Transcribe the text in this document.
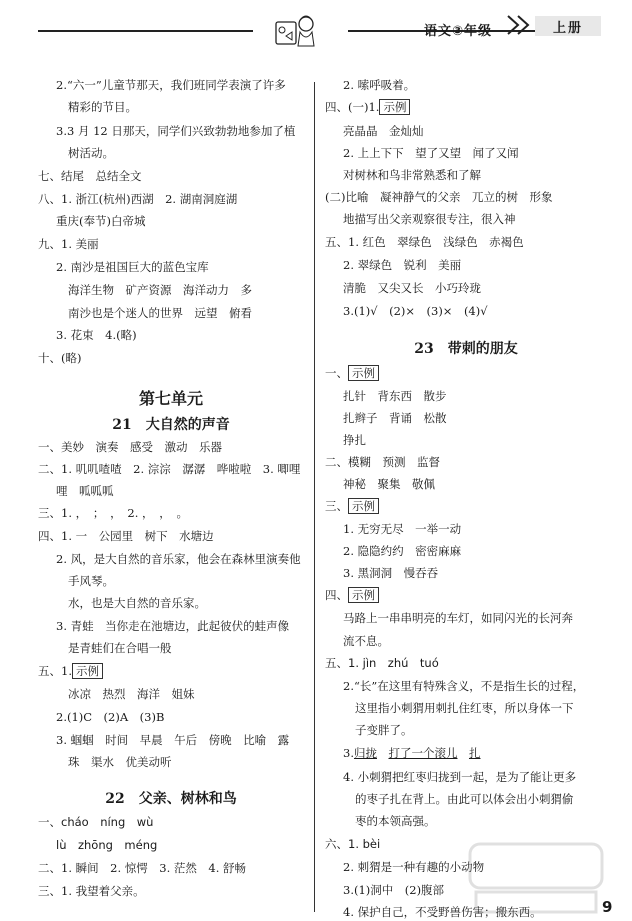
语文③年级	上册
2.“六一”儿童节那天，我们班同学表演了许多
精彩的节目。
3.3 月 12 日那天，同学们兴致勃勃地参加了植
树活动。
七、结尾　总结全文
八、1. 浙江(杭州)西湖　2. 湖南洞庭湖
重庆(奉节)白帝城
九、1. 美丽
2. 南沙是祖国巨大的蓝色宝库
海洋生物　矿产资源　海洋动力　多
南沙也是个迷人的世界　远望　俯看
3. 花束　4.(略)
十、(略)
第七单元
21　大自然的声音
一、美妙　演奏　感受　激动　乐器
二、1. 叽叽喳喳　2. 淙淙　潺潺　哗啦啦　3. 唧哩
哩　呱呱呱
三、1. ，　；　，　2. ，　，　。
四、1. 一　公园里　树下　水塘边
2. 风，是大自然的音乐家，他会在森林里演奏他
手风琴。
水，也是大自然的音乐家。
3. 青蛙　当你走在池塘边，此起彼伏的蛙声像
是青蛙们在合唱一般
五、1. 示例
冰凉　热烈　海洋　姐妹
2.(1)C　(2)A　(3)B
3. 蝈蝈　时间　早晨　午后　傍晚　比喻　露
珠　渠水　优美动听
22　父亲、树林和鸟
一、cháo　níng　wù
lù　zhōng　méng
二、1. 瞬间　2. 惊愕　3. 茫然　4. 舒畅
三、1. 我望着父亲。
2. 嗦呼吸着。
四、(一)1. 示例
亮晶晶　金灿灿
2. 上上下下　望了又望　闻了又闻
对树林和鸟非常熟悉和了解
(二)比喻　凝神静气的父亲　兀立的树　形象
地描写出父亲观察很专注，很入神
五、1. 红色　翠绿色　浅绿色　赤褐色
2. 翠绿色　锐利　美丽
清脆　又尖又长　小巧玲珑
3.(1)√　(2)×　(3)×　(4)√
23　带刺的朋友
一、 示例
扎针　背东西　散步
扎辫子　背诵　松散
挣扎
二、模糊　预测　监督
神秘　聚集　敬佩
三、 示例
1. 无穷无尽　一举一动
2. 隐隐约约　密密麻麻
3. 黑洞洞　慢吞吞
四、 示例
马路上一串串明亮的车灯，如同闪光的长河奔
流不息。
五、1. jìn　zhú　tuó
2.“长”在这里有特殊含义，不是指生长的过程，
这里指小刺猬用刺扎住红枣，所以身体一下
子变胖了。
3.归拢　 打了一个滚儿　 扎
4. 小刺猬把红枣归拢到一起，是为了能让更多
的枣子扎在背上。由此可以体会出小刺猬偷
枣的本领高强。
六、1. bèi
2. 刺猬是一种有趣的小动物
3.(1)洞中　(2)腹部
4. 保护自己，不受野兽伤害；搬东西。	9
